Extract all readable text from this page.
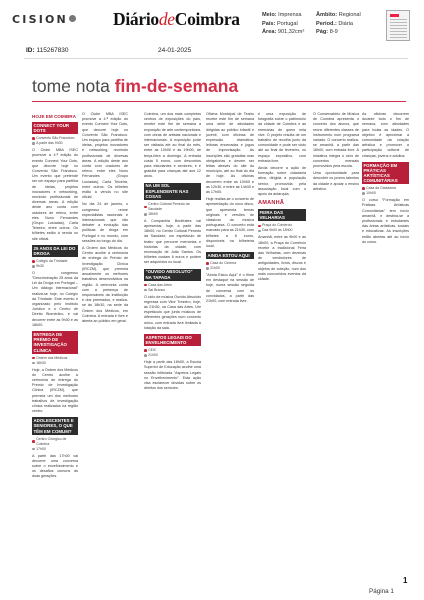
CISION	DiáriodeCoimbra	Meio: Imprensa
País: Portugal
Área: 901,32cm²
Âmbito: Regional
Period.: Diária
Pág: 8-9
ID: 115267830	24-01-2025
tome nota fim-de-semana
HOJE EM COIMBRA
CONNECT YOUR DOTS
Convento São Francisco
A partir das 9h30
O Clube MBA ISEC promove a 4.ª edição do evento Connect Your Dots, que decorre hoje no Convento São Francisco. Um evento que pretende ser um espaço para partilha de ideias, projetos inovadores e networking, reunindo profissionais de diversas áreas. A edição deste ano conta com oradores de relevo, entre eles Nuno Fernandes (Grupo Lusíadas), Carla Teixeira, entre outros. Os bilhetes estão à venda no site oficial.
25 ANOS DA LEI DO DROGA
Colégio da Trindade
9h30
O congresso "Descriminação 25 anos da Lei da Droga em Portugal – Um diálogo internacional" realiza-se hoje, no Colégio da Trindade. Este evento é organizado pelo Instituto Jurídico e o Centro de Direito Biomédico, e vai decorrer entre as 9h30 e as 18h00.
ENTREGA DE PRÉMIO DE INVESTIGAÇÃO CLÍNICA
Ordem dos Médicos
18h30
Hoje, a Ordem dos Médicos do Centro acolhe a cerimónia de entrega do Prémio de Investigação Clínica (IRCZM), que premeia um dos melhores trabalhos de investigação clínica realizados na região centro.
ADOLESCENTES E SENIORES, O QUE TÊM EM COMUM?
Centro Cirúrgico de Coimbra
17h00
A partir das 17h00 vai decorrer uma conversa sobre o envelhecimento e os desafios comuns às duas gerações.
O Clube MBA ISEC promove a 4.ª edição do evento Connect Your Dots, que decorre hoje no Convento São Francisco. Um espaço para partilha de ideias, projetos inovadores e networking, reunindo profissionais de diversas áreas. A edição deste ano conta com oradores de relevo, entre eles Nuno Fernandes (Grupo Lusíadas), Carla Teixeira, entre outros. Os bilhetes estão à venda no site oficial.
No dia 24 de janeiro, o congresso reúne especialistas nacionais e internacionais que vão debater a evolução das políticas de droga em Portugal e no mundo, com sessões ao longo do dia.
A Ordem dos Médicos do Centro acolhe a cerimónia de entrega do Prémio de Investigação Clínica (IRCZM), que premeia anualmente os melhores trabalhos desenvolvidos na região. A cerimónia conta com a presença de responsáveis da instituição e dos premiados, e realiza-se às 18h30, na sede da Ordem dos Médicos, em Coimbra. A entrada é livre e aberta ao público em geral.
Coimbra, um dos mais completos centros de exposições do país, recebe este fim de semana a exposição de arte contemporânea, com obras de artistas nacionais e internacionais. A exposição pode ser visitada até ao final do mês, entre as 10h00 e as 19h00, de terça-feira a domingo. A entrada custa 5 euros, com descontos para estudantes e seniores, e é gratuita para crianças até aos 12 anos.
NA UM SOL ESPLENDENTE NAS COSAS
Centro Cultural Penedo da Saudade
18h00
A Companhia Bonifrates vai apresentar, hoje, a partir das 18h00, no Centro Cultural Penedo da Saudade, um espetáculo de teatro que percorre memórias e histórias da cidade, com encenação de João Santos. Os bilhetes custam 6 euros e podem ser adquiridos no local.
"OUVIDO ABSOLUTO" NA TAPADA
Casa das Artes
Sai Branco
O ciclo de música Ouvido Absoluto regressa com Vitor Trezeiro, hoje, às 21h30, na Casa das Artes. Um espetáculo que junta músicos de diferentes gerações num concerto único, com entrada livre limitada à lotação da sala.
ASPETOS LEGAIS DO ENVELHECIMENTO
CEIC
21h00
Hoje a partir das 18h00, a Escola Superior de Educação acolhe uma sessão intitulada "Aspetos Legais no Envelhecimento". Esta ação visa esclarecer dúvidas sobre os direitos dos seniores.
Oficina Municipal de Teatro recebe este fim de semana uma série de atividades dirigidas ao público infantil e juvenil, com oficinas de expressão dramática, leituras encenadas e jogos de improvisação. As inscrições são gratuitas mas obrigatórias e devem ser feitas através do site do município, até ao final do dia de hoje. As oficinas decorrem entre as 10h00 e as 12h30, e entre as 14h30 e as 17h00.
Hoje realiza-se o concerto de apresentação do novo disco, que apresenta temas originais e versões de clássicos da música portuguesa. O concerto está marcado para as 21h30, com bilhetes a 8 euros, disponíveis na bilheteira local.
AINDA ESTOU AQUI
Casa do Cinema
21h00
"Ainda Estou Aqui" é o filme em destaque na sessão de hoje, numa sessão seguida de conversa com os convidados, a partir das 21h00, com entrada livre.
é uma exposição de fotografia sobre o património da cidade de Coimbra e as memórias de quem nela vive. O projeto resulta de um trabalho de recolha junto da comunidade e pode ser visto até ao final de fevereiro, no espaço expositivo, com entrada livre.
Ainda decorre a ação de formação sobre cidadania ativa, dirigida à população sénior, promovida pela associação local com o apoio da autarquia.
AMANHÃ
FEIRA DAS VELHARIAS
Praça do Comércio
Das 9h00 às 18h00
Amanhã, entre as 9h00 e as 18h00, a Praça do Comércio recebe a tradicional Feira das Velharias, com dezenas de vendedores de antiguidades, livros, discos e objetos de coleção, num dos mais concorridos eventos da cidade.
O Conservatório de Música de Coimbra apresenta o concerto dos alunos, que reúne diferentes classes de instrumento num programa variado. O concerto realiza-se amanhã, a partir das 16h00, com entrada livre. A iniciativa integra o ciclo de concertos mensais promovidos pela escola.
Uma oportunidade para descobrir os jovens talentos da cidade e apoiar o ensino artístico.
As oficinas decorrem durante todo o fim de semana, com atividades para todas as idades. O objetivo é aproximar a comunidade da criação artística e promover a participação cultural de crianças, jovens e adultos.
FORMAÇÃO EM PRÁTICAS ARTÍSTICAS COMUNITÁRIAS
Casa da Cidadania
10h00
O curso "Formação em Práticas Artísticas Comunitárias" tem início amanhã, e destina-se a profissionais e estudantes das áreas artísticas, sociais e educativas. As inscrições estão abertas até ao início do curso.
1
Página 1
